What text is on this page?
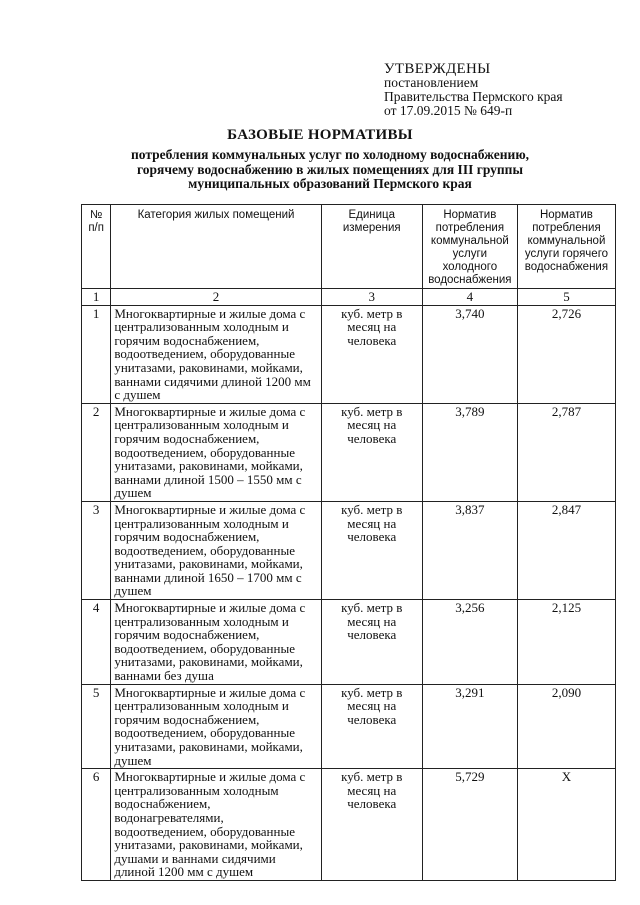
УТВЕРЖДЕНЫ
постановлением
Правительства Пермского края
от 17.09.2015 № 649-п
БАЗОВЫЕ НОРМАТИВЫ
потребления коммунальных услуг по холодному водоснабжению,
горячему водоснабжению в жилых помещениях для III группы
муниципальных образований Пермского края
№ п/п	Категория жилых помещений	Единица измерения	Норматив потребления коммунальной услуги холодного водоснабжения	Норматив потребления коммунальной услуги горячего водоснабжения
1	2	3	4	5
1	Многоквартирные и жилые дома с централизованным холодным и горячим водоснабжением, водоотведением, оборудованные унитазами, раковинами, мойками, ваннами сидячими длиной 1200 мм с душем	куб. метр в месяц на человека	3,740	2,726
2	Многоквартирные и жилые дома с централизованным холодным и горячим водоснабжением, водоотведением, оборудованные унитазами, раковинами, мойками, ваннами длиной 1500 – 1550 мм с душем	куб. метр в месяц на человека	3,789	2,787
3	Многоквартирные и жилые дома с централизованным холодным и горячим водоснабжением, водоотведением, оборудованные унитазами, раковинами, мойками, ваннами длиной 1650 – 1700 мм с душем	куб. метр в месяц на человека	3,837	2,847
4	Многоквартирные и жилые дома с централизованным холодным и горячим водоснабжением, водоотведением, оборудованные унитазами, раковинами, мойками, ваннами без душа	куб. метр в месяц на человека	3,256	2,125
5	Многоквартирные и жилые дома с централизованным холодным и горячим водоснабжением, водоотведением, оборудованные унитазами, раковинами, мойками, душем	куб. метр в месяц на человека	3,291	2,090
6	Многоквартирные и жилые дома с централизованным холодным водоснабжением, водонагревателями, водоотведением, оборудованные унитазами, раковинами, мойками, душами и ваннами сидячими длиной 1200 мм с душем	куб. метр в месяц на человека	5,729	Х
